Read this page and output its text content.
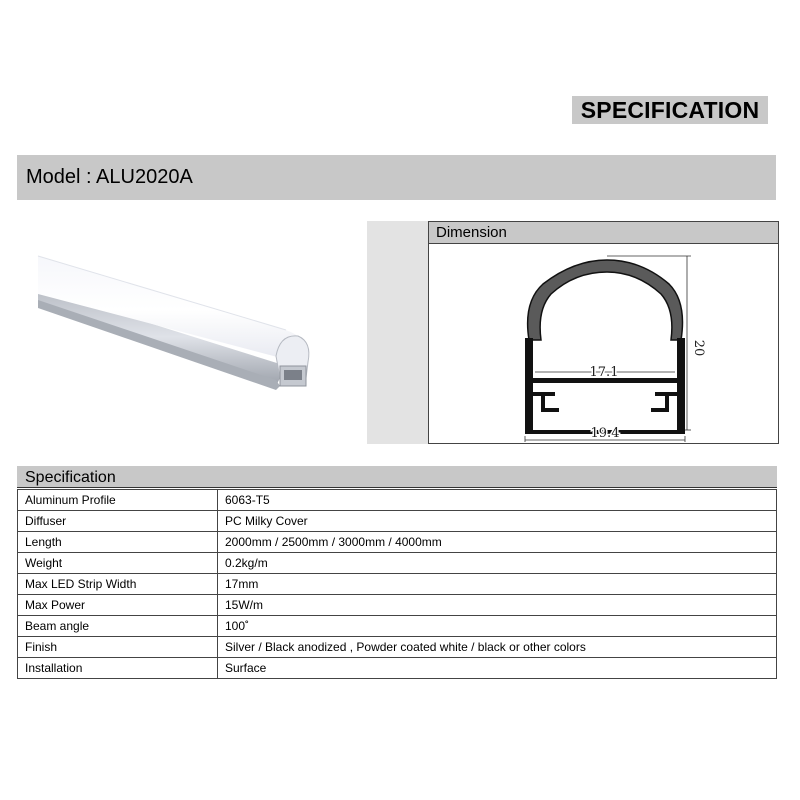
SPECIFICATION
Model : ALU2020A
Dimension
17.1
19.4
20
Specification
Aluminum Profile	6063-T5
Diffuser	PC Milky Cover
Length	2000mm / 2500mm / 3000mm / 4000mm
Weight	0.2kg/m
Max LED Strip Width	17mm
Max Power	15W/m
Beam angle	100˚
Finish	Silver / Black anodized , Powder coated white / black or other colors
Installation	Surface
